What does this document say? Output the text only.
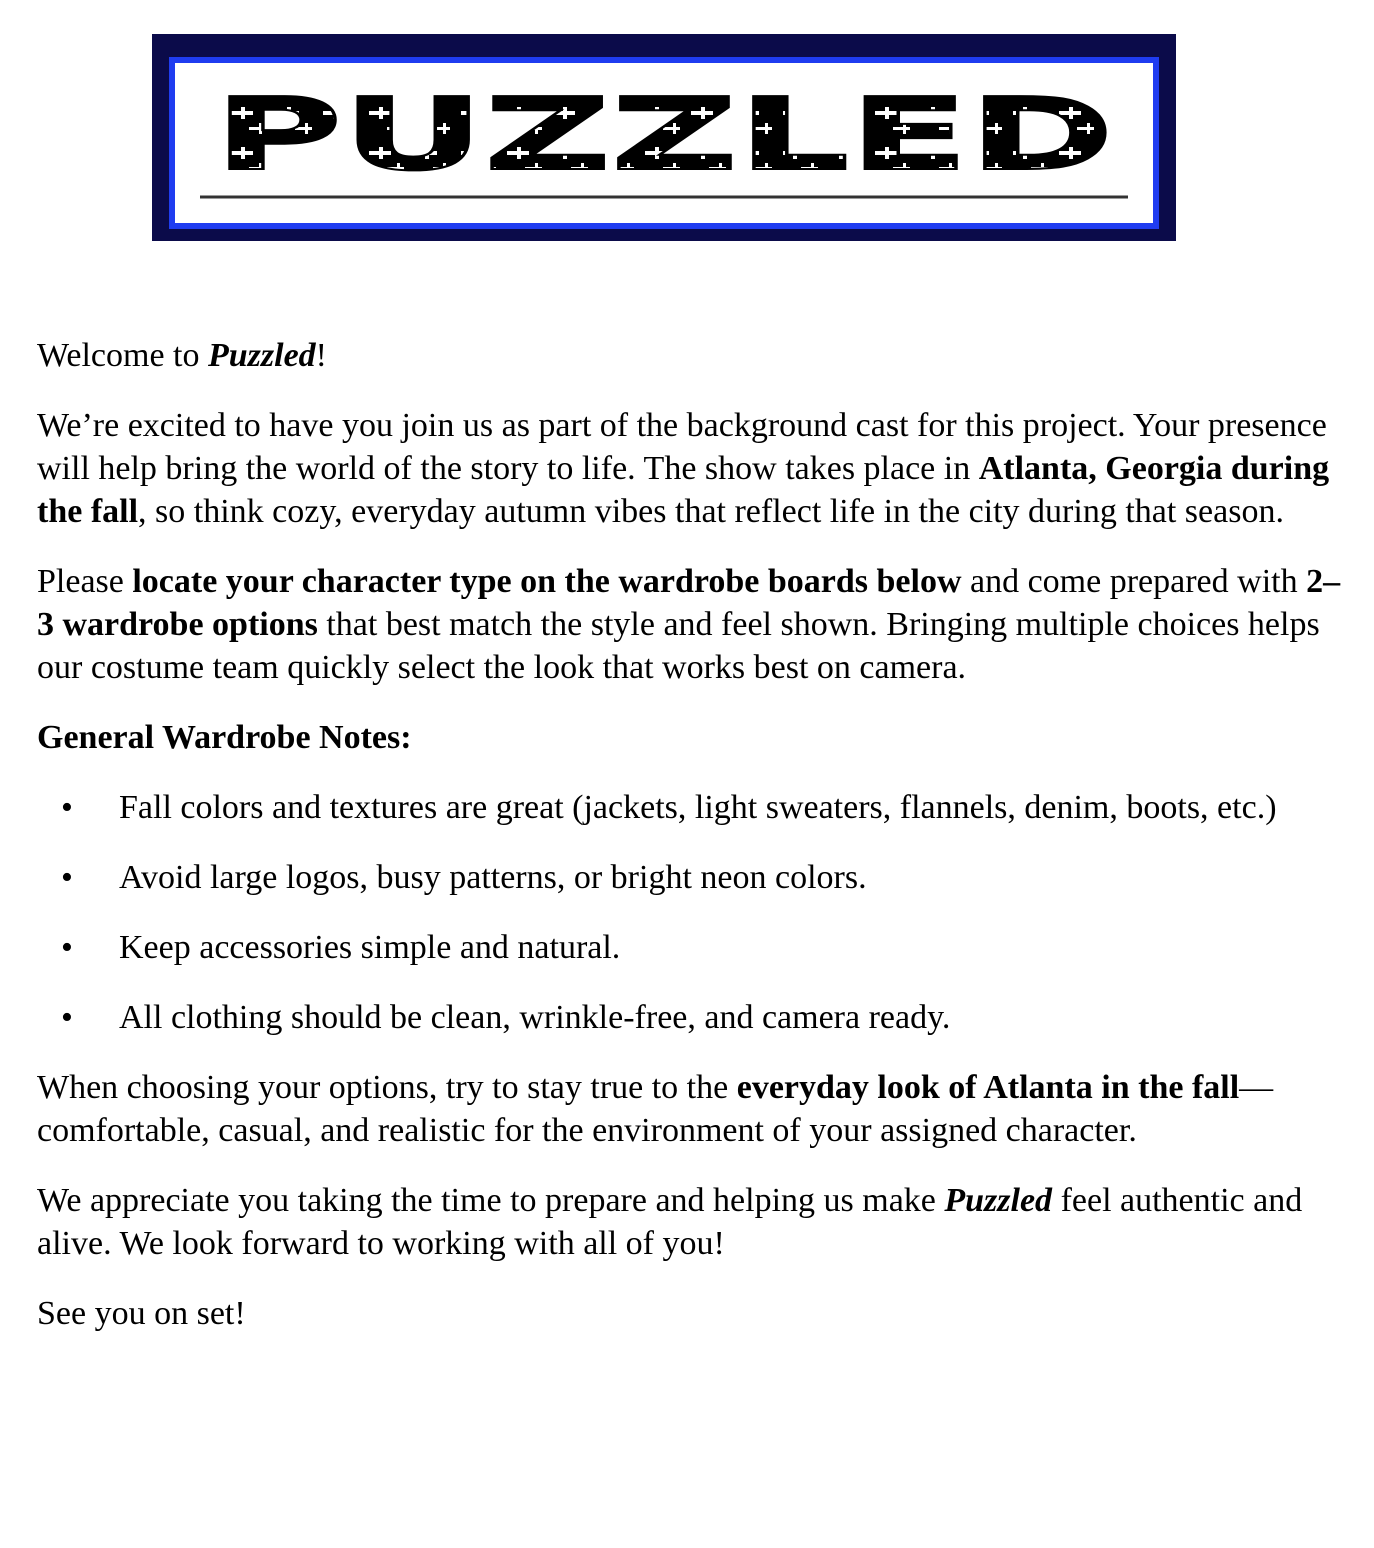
PUZZLED

Welcome to Puzzled!

We’re excited to have you join us as part of the background cast for this project. Your presence will help bring the world of the story to life. The show takes place in Atlanta, Georgia during the fall, so think cozy, everyday autumn vibes that reflect life in the city during that season.

Please locate your character type on the wardrobe boards below and come prepared with 2–3 wardrobe options that best match the style and feel shown. Bringing multiple choices helps our costume team quickly select the look that works best on camera.

General Wardrobe Notes:

• Fall colors and textures are great (jackets, light sweaters, flannels, denim, boots, etc.)
• Avoid large logos, busy patterns, or bright neon colors.
• Keep accessories simple and natural.
• All clothing should be clean, wrinkle-free, and camera ready.

When choosing your options, try to stay true to the everyday look of Atlanta in the fall—comfortable, casual, and realistic for the environment of your assigned character.

We appreciate you taking the time to prepare and helping us make Puzzled feel authentic and alive. We look forward to working with all of you!

See you on set!
